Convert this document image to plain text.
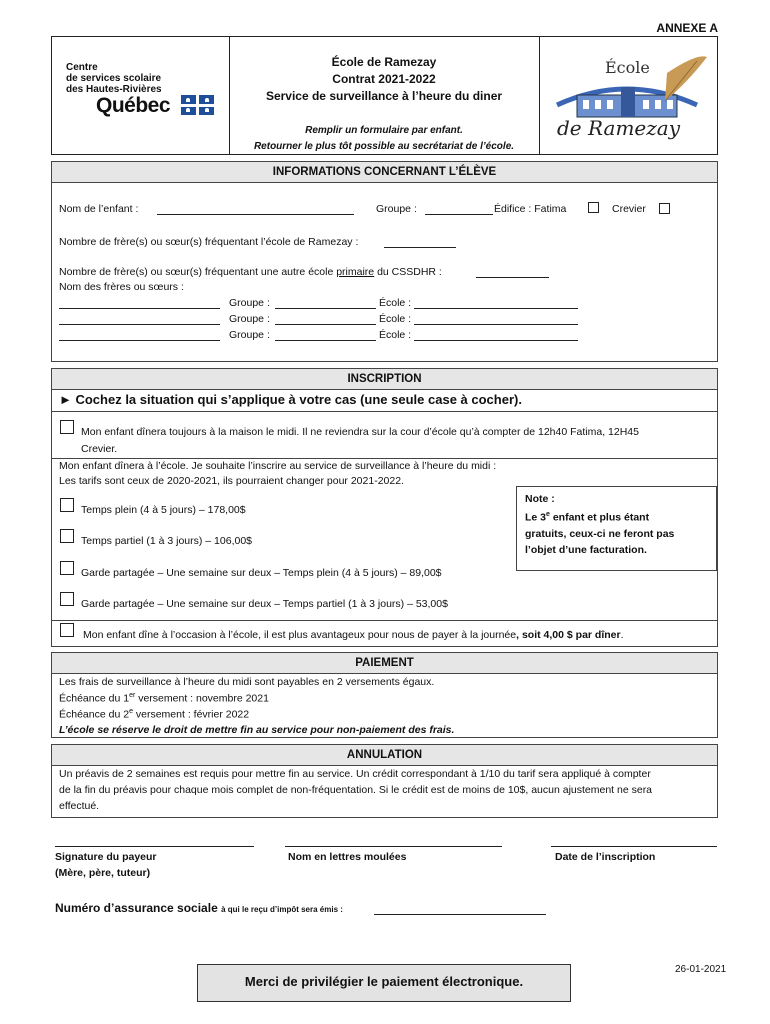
ANNEXE A
Centre
de services scolaire
des Hautes-Rivières
Québec
École de Ramezay
Contrat 2021-2022
Service de surveillance à l’heure du diner
Remplir un formulaire par enfant.
Retourner le plus tôt possible au secrétariat de l’école.
École
de Ramezay
INFORMATIONS CONCERNANT L’ÉLÈVE
Nom de l’enfant :	Groupe :	Édifice : Fatima	Crevier
Nombre de frère(s) ou sœur(s) fréquentant l’école de Ramezay :
Nombre de frère(s) ou sœur(s) fréquentant une autre école primaire du CSSDHR :
Nom des frères ou sœurs :
Groupe :	École :
Groupe :	École :
Groupe :	École :
INSCRIPTION
► Cochez la situation qui s’applique à votre cas (une seule case à cocher).
Mon enfant dînera toujours à la maison le midi. Il ne reviendra sur la cour d’école qu’à compter de 12h40 Fatima, 12H45
Crevier.
Mon enfant dînera à l’école. Je souhaite l’inscrire au service de surveillance à l’heure du midi :
Les tarifs sont ceux de 2020-2021, ils pourraient changer pour 2021-2022.
Temps plein (4 à 5 jours) – 178,00$
Temps partiel (1 à 3 jours) – 106,00$
Note :
Le 3e enfant et plus étant
gratuits, ceux-ci ne feront pas
l’objet d’une facturation.
Garde partagée – Une semaine sur deux – Temps plein (4 à 5 jours) – 89,00$
Garde partagée – Une semaine sur deux – Temps partiel (1 à 3 jours) – 53,00$
Mon enfant dîne à l’occasion à l’école, il est plus avantageux pour nous de payer à la journée, soit 4,00 $ par dîner.
PAIEMENT
Les frais de surveillance à l’heure du midi sont payables en 2 versements égaux.
Échéance du 1er versement : novembre 2021
Échéance du 2e versement : février 2022
L’école se réserve le droit de mettre fin au service pour non-paiement des frais.
ANNULATION
Un préavis de 2 semaines est requis pour mettre fin au service. Un crédit correspondant à 1/10 du tarif sera appliqué à compter
de la fin du préavis pour chaque mois complet de non-fréquentation. Si le crédit est de moins de 10$, aucun ajustement ne sera
effectué.
Signature du payeur
(Mère, père, tuteur)
Nom en lettres moulées	Date de l’inscription
Numéro d’assurance sociale à qui le reçu d’impôt sera émis :
26-01-2021
Merci de privilégier le paiement électronique.
